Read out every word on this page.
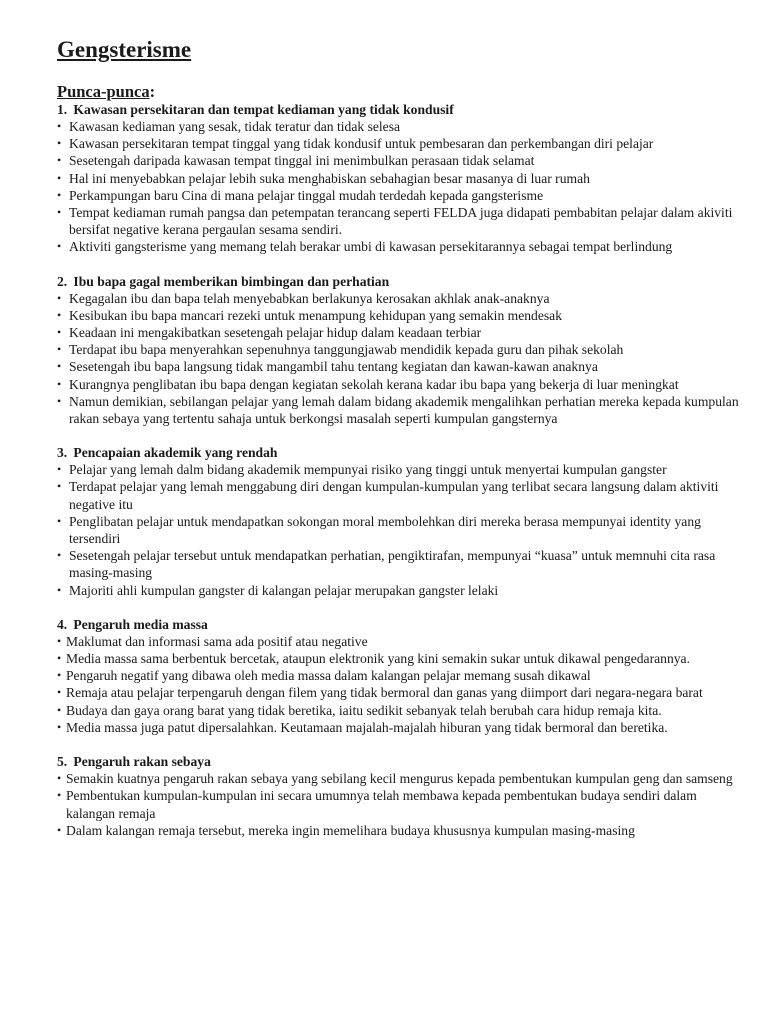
Gengsterisme
Punca-punca:
1. Kawasan persekitaran dan tempat kediaman yang tidak kondusif
• Kawasan kediaman yang sesak, tidak teratur dan tidak selesa
• Kawasan persekitaran tempat tinggal yang tidak kondusif untuk pembesaran dan perkembangan diri pelajar
• Sesetengah daripada kawasan tempat tinggal ini menimbulkan perasaan tidak selamat
• Hal ini menyebabkan pelajar lebih suka menghabiskan sebahagian besar masanya di luar rumah
• Perkampungan baru Cina di mana pelajar tinggal mudah terdedah kepada gangsterisme
• Tempat kediaman rumah pangsa dan petempatan terancang seperti FELDA juga didapati pembabitan pelajar dalam akiviti bersifat negative kerana pergaulan sesama sendiri.
• Aktiviti gangsterisme yang memang telah berakar umbi di kawasan persekitarannya sebagai tempat berlindung
2. Ibu bapa gagal memberikan bimbingan dan perhatian
• Kegagalan ibu dan bapa telah menyebabkan berlakunya kerosakan akhlak anak-anaknya
• Kesibukan ibu bapa mancari rezeki untuk menampung kehidupan yang semakin mendesak
• Keadaan ini mengakibatkan sesetengah pelajar hidup dalam keadaan terbiar
• Terdapat ibu bapa menyerahkan sepenuhnya tanggungjawab mendidik kepada guru dan pihak sekolah
• Sesetengah ibu bapa langsung tidak mangambil tahu tentang kegiatan dan kawan-kawan anaknya
• Kurangnya penglibatan ibu bapa dengan kegiatan sekolah kerana kadar ibu bapa yang bekerja di luar meningkat
• Namun demikian, sebilangan pelajar yang lemah dalam bidang akademik mengalihkan perhatian mereka kepada kumpulan rakan sebaya yang tertentu sahaja untuk berkongsi masalah seperti kumpulan gangsternya
3. Pencapaian akademik yang rendah
• Pelajar yang lemah dalm bidang akademik mempunyai risiko yang tinggi untuk menyertai kumpulan gangster
• Terdapat pelajar yang lemah menggabung diri dengan kumpulan-kumpulan yang terlibat secara langsung dalam aktiviti negative itu
• Penglibatan pelajar untuk mendapatkan sokongan moral membolehkan diri mereka berasa mempunyai identity yang tersendiri
• Sesetengah pelajar tersebut untuk mendapatkan perhatian, pengiktirafan, mempunyai “kuasa” untuk memnuhi cita rasa masing-masing
• Majoriti ahli kumpulan gangster di kalangan pelajar merupakan gangster lelaki
4. Pengaruh media massa
• Maklumat dan informasi sama ada positif atau negative
• Media massa sama berbentuk bercetak, ataupun elektronik yang kini semakin sukar untuk dikawal pengedarannya.
• Pengaruh negatif yang dibawa oleh media massa dalam kalangan pelajar memang susah dikawal
• Remaja atau pelajar terpengaruh dengan filem yang tidak bermoral dan ganas yang diimport dari negara-negara barat
• Budaya dan gaya orang barat yang tidak beretika, iaitu sedikit sebanyak telah berubah cara hidup remaja kita.
• Media massa juga patut dipersalahkan. Keutamaan majalah-majalah hiburan yang tidak bermoral dan beretika.
5. Pengaruh rakan sebaya
• Semakin kuatnya pengaruh rakan sebaya yang sebilang kecil mengurus kepada pembentukan kumpulan geng dan samseng
• Pembentukan kumpulan-kumpulan ini secara umumnya telah membawa kepada pembentukan budaya sendiri dalam kalangan remaja
• Dalam kalangan remaja tersebut, mereka ingin memelihara budaya khususnya kumpulan masing-masing
